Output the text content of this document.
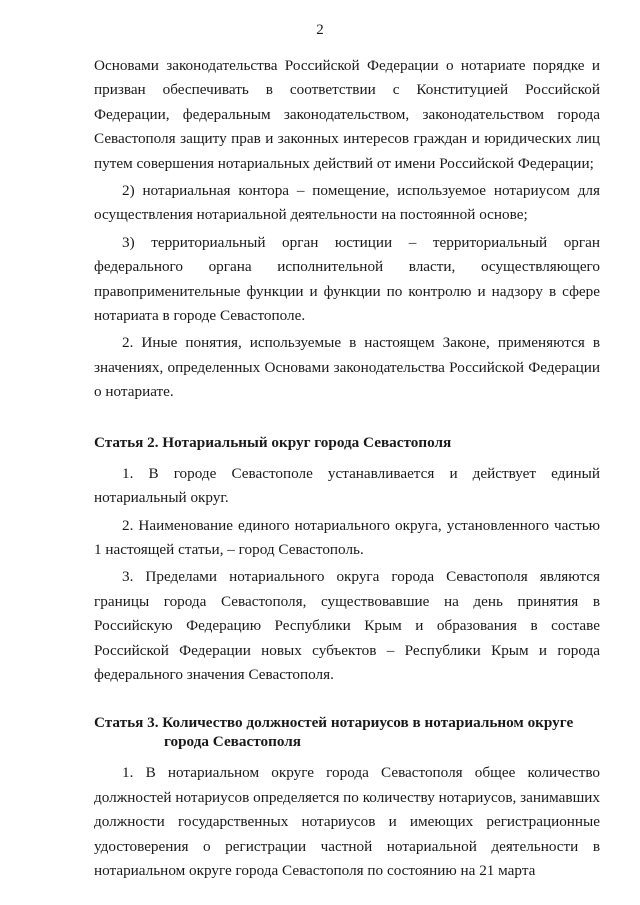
2

Основами законодательства Российской Федерации о нотариате порядке и призван обеспечивать в соответствии с Конституцией Российской Федерации, федеральным законодательством, законодательством города Севастополя защиту прав и законных интересов граждан и юридических лиц путем совершения нотариальных действий от имени Российской Федерации;

2) нотариальная контора – помещение, используемое нотариусом для осуществления нотариальной деятельности на постоянной основе;

3) территориальный орган юстиции – территориальный орган федерального органа исполнительной власти, осуществляющего правоприменительные функции и функции по контролю и надзору в сфере нотариата в городе Севастополе.

2. Иные понятия, используемые в настоящем Законе, применяются в значениях, определенных Основами законодательства Российской Федерации о нотариате.

Статья 2. Нотариальный округ города Севастополя

1. В городе Севастополе устанавливается и действует единый нотариальный округ.

2. Наименование единого нотариального округа, установленного частью 1 настоящей статьи, – город Севастополь.

3. Пределами нотариального округа города Севастополя являются границы города Севастополя, существовавшие на день принятия в Российскую Федерацию Республики Крым и образования в составе Российской Федерации новых субъектов – Республики Крым и города федерального значения Севастополя.

Статья 3. Количество должностей нотариусов в нотариальном округе
города Севастополя

1. В нотариальном округе города Севастополя общее количество должностей нотариусов определяется по количеству нотариусов, занимавших должности государственных нотариусов и имеющих регистрационные удостоверения о регистрации частной нотариальной деятельности в нотариальном округе города Севастополя по состоянию на 21 марта
